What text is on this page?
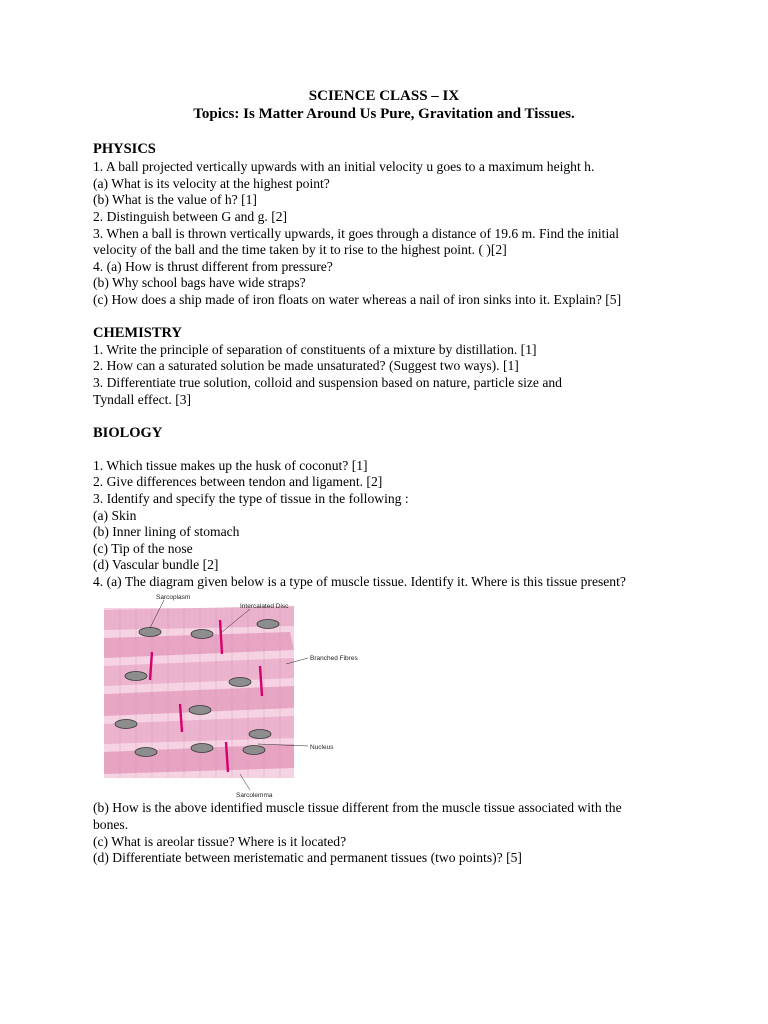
SCIENCE CLASS – IX
Topics: Is Matter Around Us Pure, Gravitation and Tissues.
PHYSICS
1. A ball projected vertically upwards with an initial velocity u goes to a maximum height h.
(a) What is its velocity at the highest point?
(b) What is the value of h? [1]
2. Distinguish between G and g. [2]
3. When a ball is thrown vertically upwards, it goes through a distance of 19.6 m. Find the initial
velocity of the ball and the time taken by it to rise to the highest point. ( )[2]
4. (a) How is thrust different from pressure?
(b) Why school bags have wide straps?
(c) How does a ship made of iron floats on water whereas a nail of iron sinks into it. Explain? [5]
CHEMISTRY
1. Write the principle of separation of constituents of a mixture by distillation. [1]
2. How can a saturated solution be made unsaturated? (Suggest two ways). [1]
3. Differentiate true solution, colloid and suspension based on nature, particle size and
Tyndall effect. [3]
BIOLOGY
1. Which tissue makes up the husk of coconut? [1]
2. Give differences between tendon and ligament. [2]
3. Identify and specify the type of tissue in the following :
(a) Skin
(b) Inner lining of stomach
(c) Tip of the nose
(d) Vascular bundle [2]
4. (a) The diagram given below is a type of muscle tissue. Identify it. Where is this tissue present?
Sarcoplasm
Intercalated Disc
Branched Fibres
Nucleus
Sarcolemma
(b) How is the above identified muscle tissue different from the muscle tissue associated with the
bones.
(c) What is areolar tissue? Where is it located?
(d) Differentiate between meristematic and permanent tissues (two points)? [5]
